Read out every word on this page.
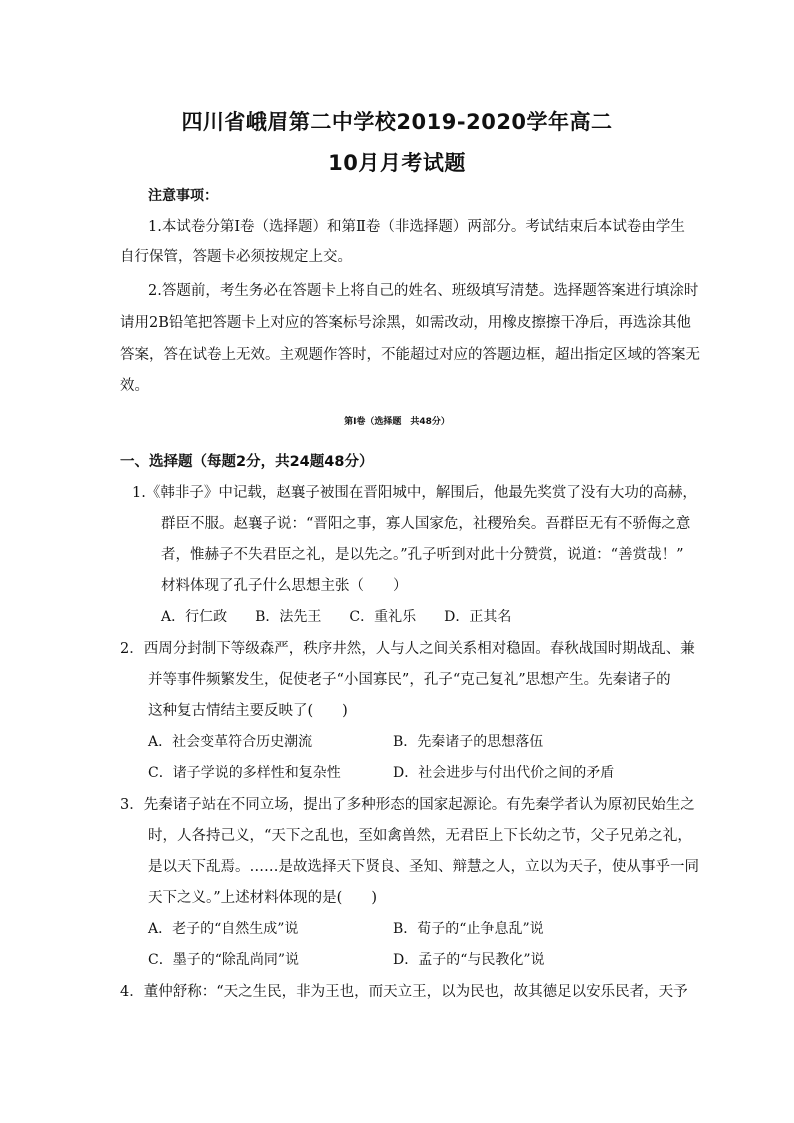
四川省峨眉第二中学校2019-2020学年高二
10月月考试题
注意事项：
1.本试卷分第Ⅰ卷（选择题）和第Ⅱ卷（非选择题）两部分。考试结束后本试卷由学生
自行保管，答题卡必须按规定上交。
2.答题前，考生务必在答题卡上将自己的姓名、班级填写清楚。选择题答案进行填涂时
请用2B铅笔把答题卡上对应的答案标号涂黑，如需改动，用橡皮擦擦干净后，再选涂其他
答案，答在试卷上无效。主观题作答时，不能超过对应的答题边框，超出指定区域的答案无
效。
第Ⅰ卷（选择题　共48分）
一、选择题（每题2分，共24题48分）
1.《韩非子》中记载，赵襄子被围在晋阳城中，解围后，他最先奖赏了没有大功的高赫，
群臣不服。赵襄子说：“晋阳之事，寡人国家危，社稷殆矣。吾群臣无有不骄侮之意
者，惟赫子不失君臣之礼，是以先之。”孔子听到对此十分赞赏，说道：“善赏哉！”
材料体现了孔子什么思想主张（　　）
A．行仁政　　B．法先王　　C．重礼乐　　D．正其名
2．西周分封制下等级森严，秩序井然，人与人之间关系相对稳固。春秋战国时期战乱、兼
并等事件频繁发生，促使老子“小国寡民”，孔子“克己复礼”思想产生。先秦诸子的
这种复古情结主要反映了(　　)
A．社会变革符合历史潮流	B．先秦诸子的思想落伍
C．诸子学说的多样性和复杂性	D．社会进步与付出代价之间的矛盾
3．先秦诸子站在不同立场，提出了多种形态的国家起源论。有先秦学者认为原初民始生之
时，人各持己义，“天下之乱也，至如禽兽然，无君臣上下长幼之节，父子兄弟之礼，
是以天下乱焉。……是故选择天下贤良、圣知、辩慧之人，立以为天子，使从事乎一同
天下之义。”上述材料体现的是(　　)
A．老子的“自然生成”说	B．荀子的“止争息乱”说
C．墨子的“除乱尚同”说	D．孟子的“与民教化”说
4．董仲舒称：“天之生民，非为王也，而天立王，以为民也，故其德足以安乐民者，天予
